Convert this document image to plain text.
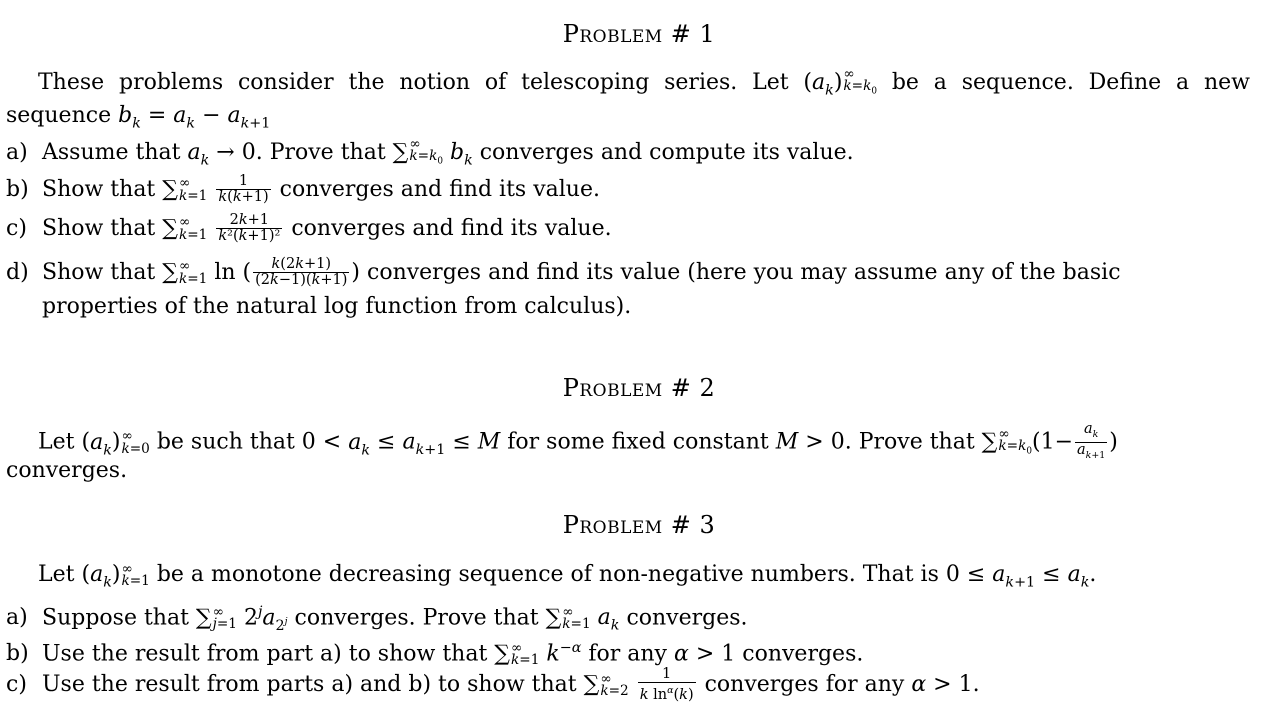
Problem # 1
These problems consider the notion of telescoping series. Let $(a_k)$ ∞
$k=k_0$ be a sequence. Define a new
sequence $b_k = a_k - a_{k+1}$
a) Assume that $a_k \to 0$. Prove that ∑ ∞
$k=k_0$ $b_k$ converges and compute its value.
b) Show that ∑ ∞
k=1
$\frac{1}{k(k+1)}$ converges and find its value.
c) Show that ∑ ∞
k=1
$\frac{2k+1}{\text{k²(k+1)²}}$ converges and find its value.
d) Show that ∑ ∞
k=1 ln ( $\frac{k(2k+1)}{(2k-1)(k+1)}$ ) converges and find its value (here you may assume any of the basic
properties of the natural log function from calculus).
Problem # 2
Let $(a_k)$ ∞
k=0 be such that $0 < a_k \le a_{k+1} \le M$ for some fixed constant M > 0. Prove that ∑ ∞
$k=k_0$ ($1- \frac{a_k}{a_{k+1}}$ )
converges.
Problem # 3
Let $(a_k)$ ∞
k=1 be a monotone decreasing sequence of non-negative numbers. That is $0 \le a_{k+1} \le a_k$.
a) Suppose that ∑ ∞
j=1 $2^ja_{2^j}$ converges. Prove that ∑ ∞
k=1 $a_k$ converges.
b) Use the result from part a) to show that ∑ ∞
k=1 $k^{-\alpha}$ for any α > 1 converges.
c) Use the result from parts a) and b) to show that ∑ ∞
k=2
$\frac{1}{k \ln^\alpha(k)}$ converges for any α > 1.
